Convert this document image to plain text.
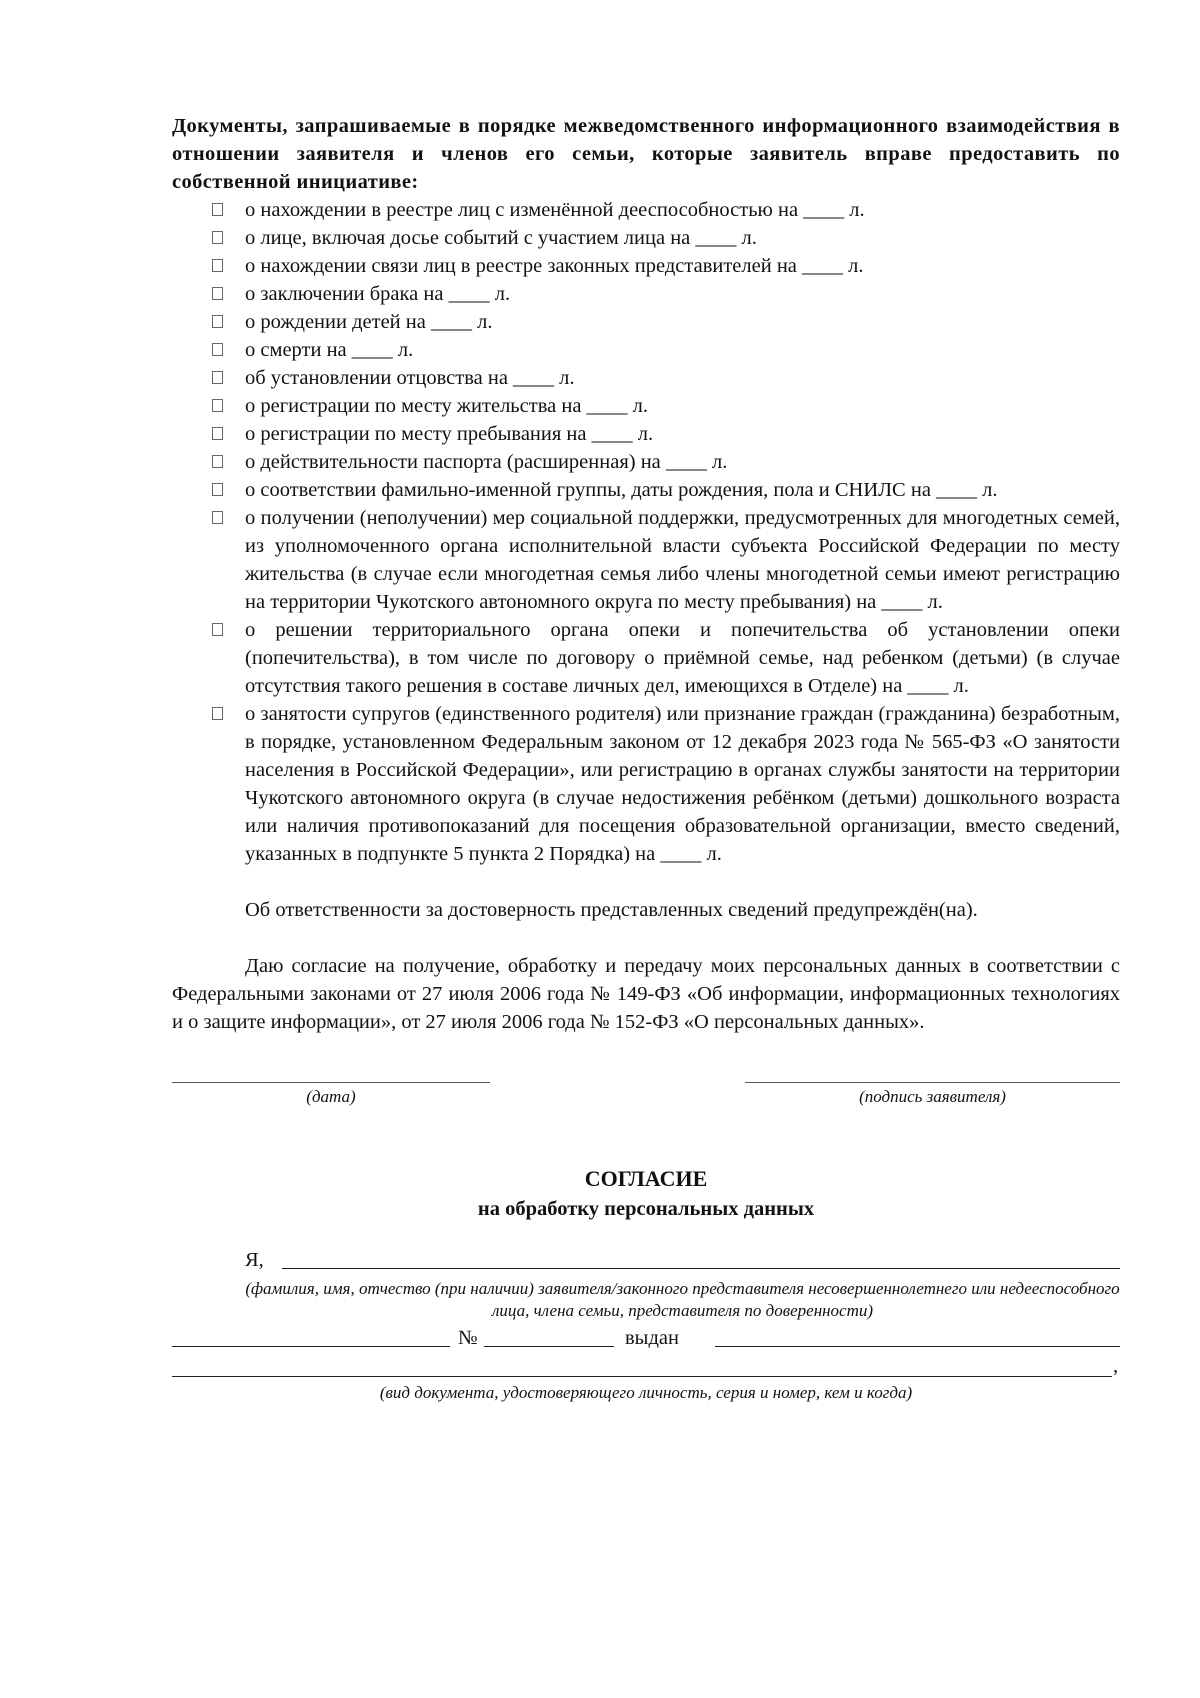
Документы, запрашиваемые в порядке межведомственного информационного взаимодействия в отношении заявителя и членов его семьи, которые заявитель вправе предоставить по собственной инициативе:
о нахождении в реестре лиц с изменённой дееспособностью на ____ л.
о лице, включая досье событий с участием лица на ____ л.
о нахождении связи лиц в реестре законных представителей на ____ л.
о заключении брака на ____ л.
о рождении детей на ____ л.
о смерти на ____ л.
об установлении отцовства на ____ л.
о регистрации по месту жительства на ____ л.
о регистрации по месту пребывания на ____ л.
о действительности паспорта (расширенная) на ____ л.
о соответствии фамильно-именной группы, даты рождения, пола и СНИЛС на ____ л.
о получении (неполучении) мер социальной поддержки, предусмотренных для многодетных семей, из уполномоченного органа исполнительной власти субъекта Российской Федерации по месту жительства (в случае если многодетная семья либо члены многодетной семьи имеют регистрацию на территории Чукотского автономного округа по месту пребывания) на ____ л.
о решении территориального органа опеки и попечительства об установлении опеки (попечительства), в том числе по договору о приёмной семье, над ребенком (детьми) (в случае отсутствия такого решения в составе личных дел, имеющихся в Отделе) на ____ л.
о занятости супругов (единственного родителя) или признание граждан (гражданина) безработным, в порядке, установленном Федеральным законом от 12 декабря 2023 года № 565-ФЗ «О занятости населения в Российской Федерации», или регистрацию в органах службы занятости на территории Чукотского автономного округа (в случае недостижения ребёнком (детьми) дошкольного возраста или наличия противопоказаний для посещения образовательной организации, вместо сведений, указанных в подпункте 5 пункта 2 Порядка) на ____ л.
Об ответственности за достоверность представленных сведений предупреждён(на).
Даю согласие на получение, обработку и передачу моих персональных данных в соответствии с Федеральными законами от 27 июля 2006 года № 149-ФЗ «Об информации, информационных технологиях и о защите информации», от 27 июля 2006 года № 152-ФЗ «О персональных данных».
(дата)	(подпись заявителя)
СОГЛАСИЕ
на обработку персональных данных
Я,
(фамилия, имя, отчество (при наличии) заявителя/законного представителя несовершеннолетнего или недееспособного лица, члена семьи, представителя по доверенности)
№	выдан
,
(вид документа, удостоверяющего личность, серия и номер, кем и когда)
